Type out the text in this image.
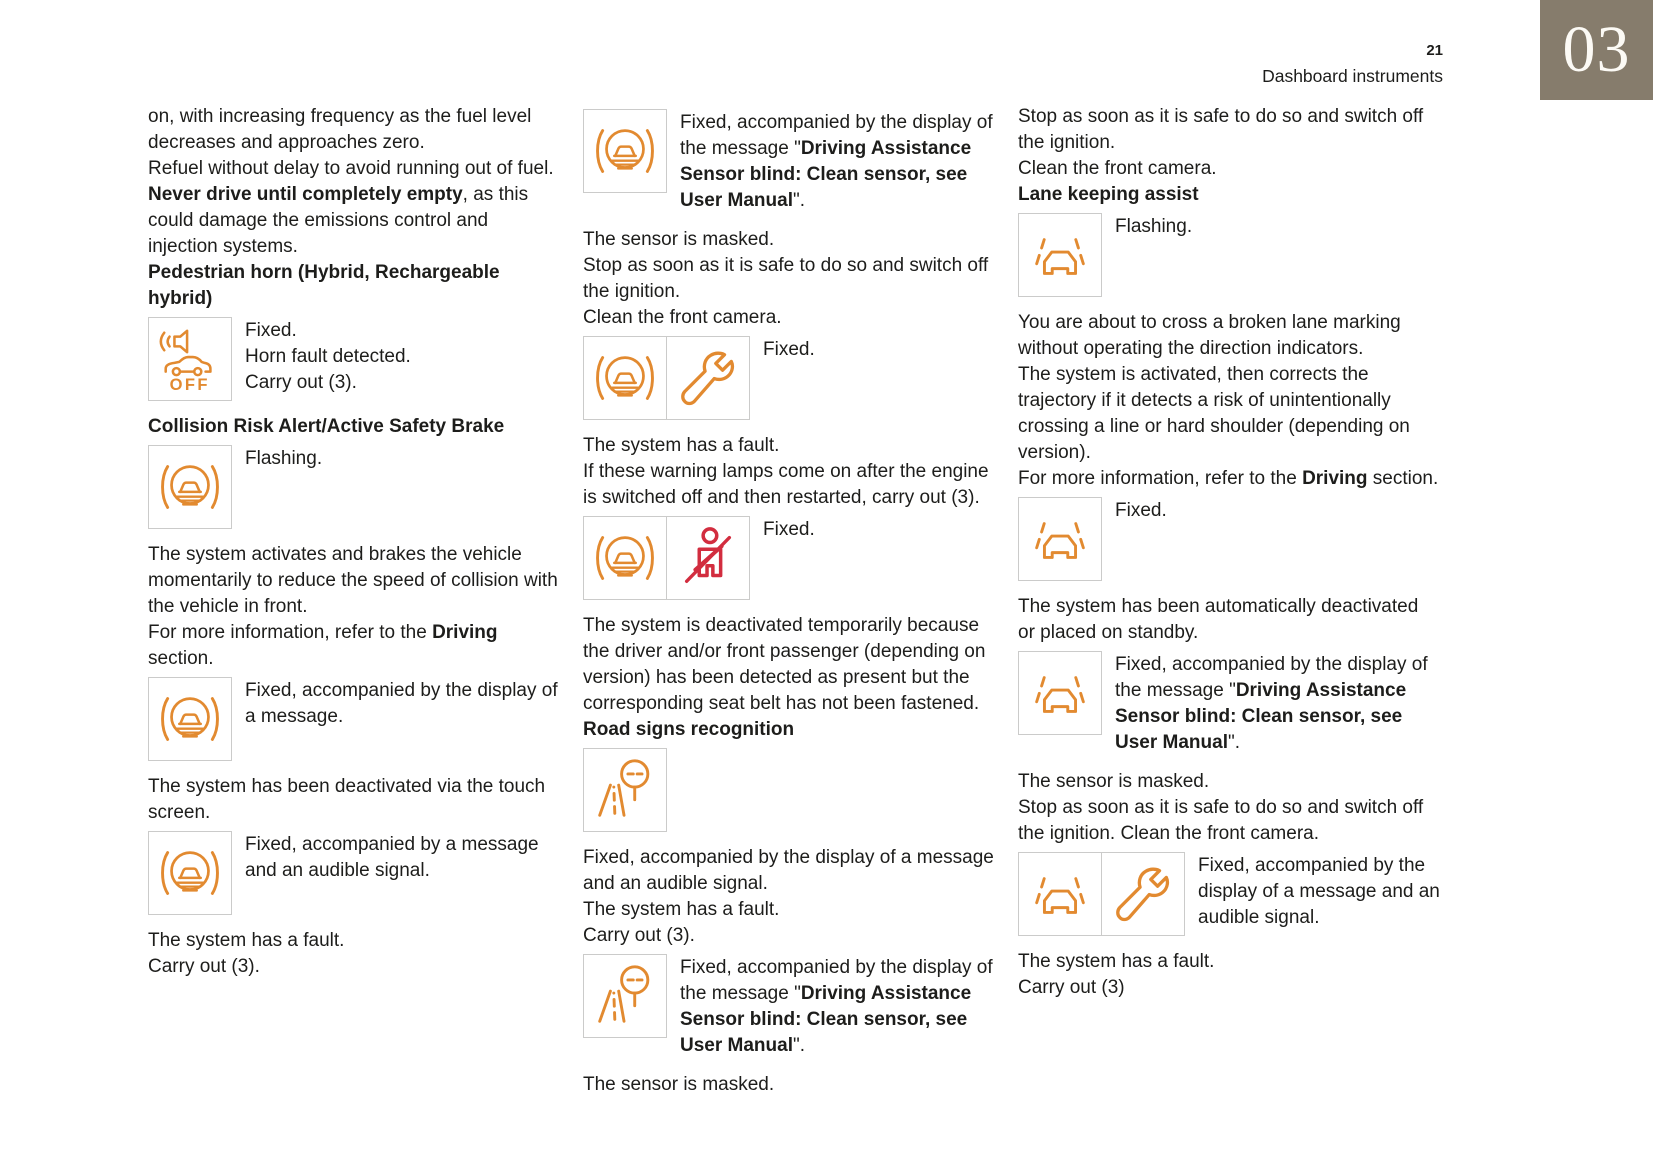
21
Dashboard instruments	03
on, with increasing frequency as the fuel level decreases and approaches zero.
Refuel without delay to avoid running out of fuel.
Never drive until completely empty, as this could damage the emissions control and injection systems.
Pedestrian horn (Hybrid, Rechargeable hybrid)
OFF
Fixed.
Horn fault detected.
Carry out (3).
Collision Risk Alert/Active Safety Brake
Flashing.
The system activates and brakes the vehicle momentarily to reduce the speed of collision with the vehicle in front.
For more information, refer to the Driving section.
Fixed, accompanied by the display of a message.
The system has been deactivated via the touch screen.
Fixed, accompanied by a message and an audible signal.
The system has a fault.
Carry out (3).
Fixed, accompanied by the display of the message "Driving Assistance Sensor blind: Clean sensor, see User Manual".
The sensor is masked.
Stop as soon as it is safe to do so and switch off the ignition.
Clean the front camera.
Fixed.
The system has a fault.
If these warning lamps come on after the engine is switched off and then restarted, carry out (3).
Fixed.
The system is deactivated temporarily because the driver and/or front passenger (depending on version) has been detected as present but the corresponding seat belt has not been fastened.
Road signs recognition
Fixed, accompanied by the display of a message and an audible signal.
The system has a fault.
Carry out (3).
Fixed, accompanied by the display of the message "Driving Assistance Sensor blind: Clean sensor, see User Manual".
The sensor is masked.
Stop as soon as it is safe to do so and switch off the ignition.
Clean the front camera.
Lane keeping assist
Flashing.
You are about to cross a broken lane marking without operating the direction indicators.
The system is activated, then corrects the trajectory if it detects a risk of unintentionally crossing a line or hard shoulder (depending on version).
For more information, refer to the Driving section.
Fixed.
The system has been automatically deactivated or placed on standby.
Fixed, accompanied by the display of the message "Driving Assistance Sensor blind: Clean sensor, see User Manual".
The sensor is masked.
Stop as soon as it is safe to do so and switch off the ignition. Clean the front camera.
Fixed, accompanied by the display of a message and an audible signal.
The system has a fault.
Carry out (3)
